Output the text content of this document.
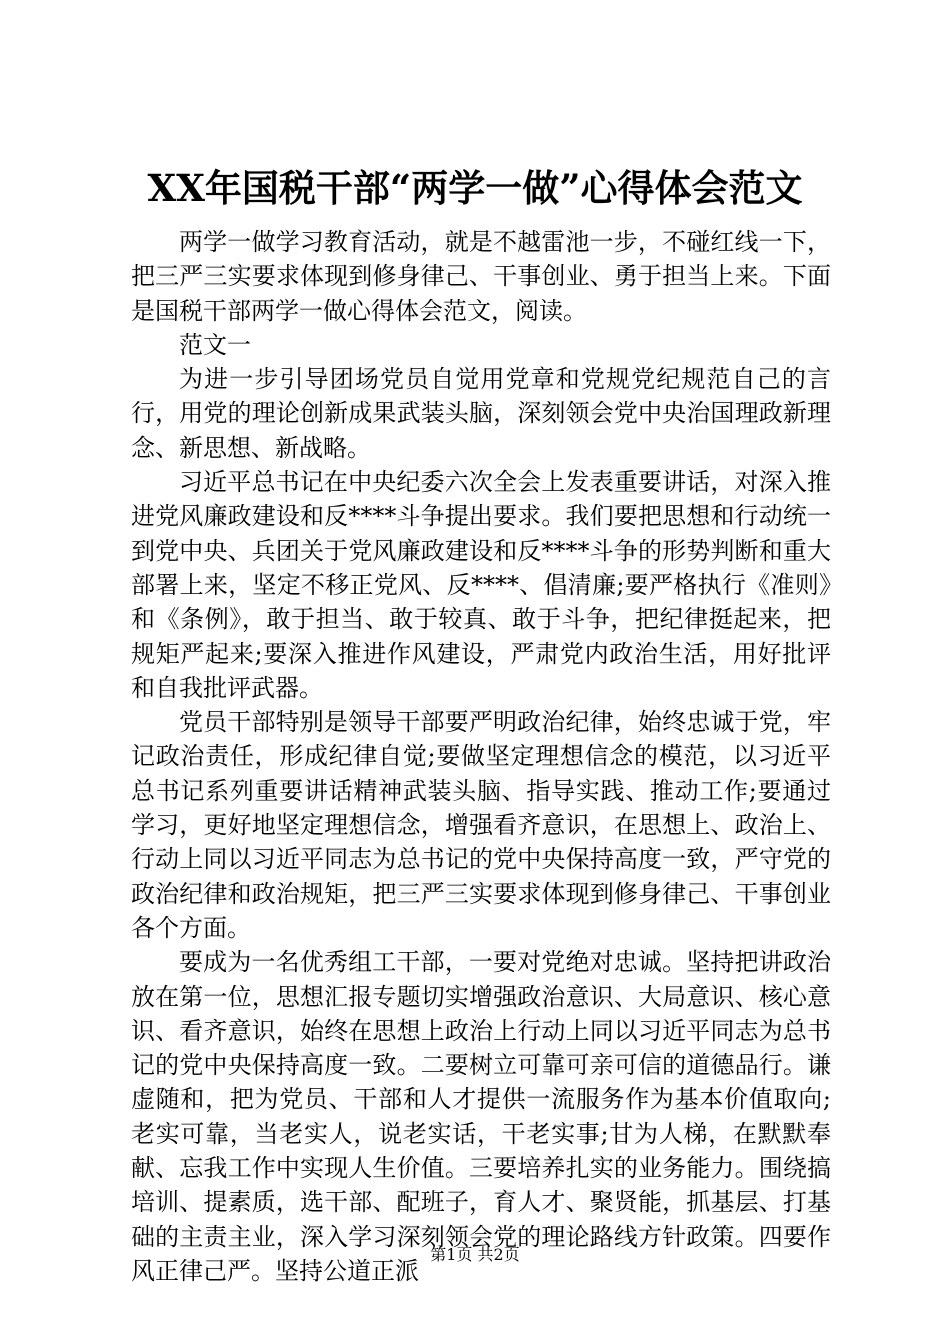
XX年国税干部“两学一做”心得体会范文

两学一做学习教育活动，就是不越雷池一步，不碰红线一下，把三严三实要求体现到修身律己、干事创业、勇于担当上来。下面是国税干部两学一做心得体会范文，阅读。

范文一

为进一步引导团场党员自觉用党章和党规党纪规范自己的言行，用党的理论创新成果武装头脑，深刻领会党中央治国理政新理念、新思想、新战略。

习近平总书记在中央纪委六次全会上发表重要讲话，对深入推进党风廉政建设和反****斗争提出要求。我们要把思想和行动统一到党中央、兵团关于党风廉政建设和反****斗争的形势判断和重大部署上来，坚定不移正党风、反****、倡清廉;要严格执行《准则》和《条例》，敢于担当、敢于较真、敢于斗争，把纪律挺起来，把规矩严起来;要深入推进作风建设，严肃党内政治生活，用好批评和自我批评武器。

党员干部特别是领导干部要严明政治纪律，始终忠诚于党，牢记政治责任，形成纪律自觉;要做坚定理想信念的模范，以习近平总书记系列重要讲话精神武装头脑、指导实践、推动工作;要通过学习，更好地坚定理想信念，增强看齐意识，在思想上、政治上、行动上同以习近平同志为总书记的党中央保持高度一致，严守党的政治纪律和政治规矩，把三严三实要求体现到修身律己、干事创业各个方面。

要成为一名优秀组工干部，一要对党绝对忠诚。坚持把讲政治放在第一位，思想汇报专题切实增强政治意识、大局意识、核心意识、看齐意识，始终在思想上政治上行动上同以习近平同志为总书记的党中央保持高度一致。二要树立可靠可亲可信的道德品行。谦虚随和，把为党员、干部和人才提供一流服务作为基本价值取向;老实可靠，当老实人，说老实话，干老实事;甘为人梯，在默默奉献、忘我工作中实现人生价值。三要培养扎实的业务能力。围绕搞培训、提素质，选干部、配班子，育人才、聚贤能，抓基层、打基础的主责主业，深入学习深刻领会党的理论路线方针政策。四要作风正律己严。坚持公道正派

第1页 共2页
